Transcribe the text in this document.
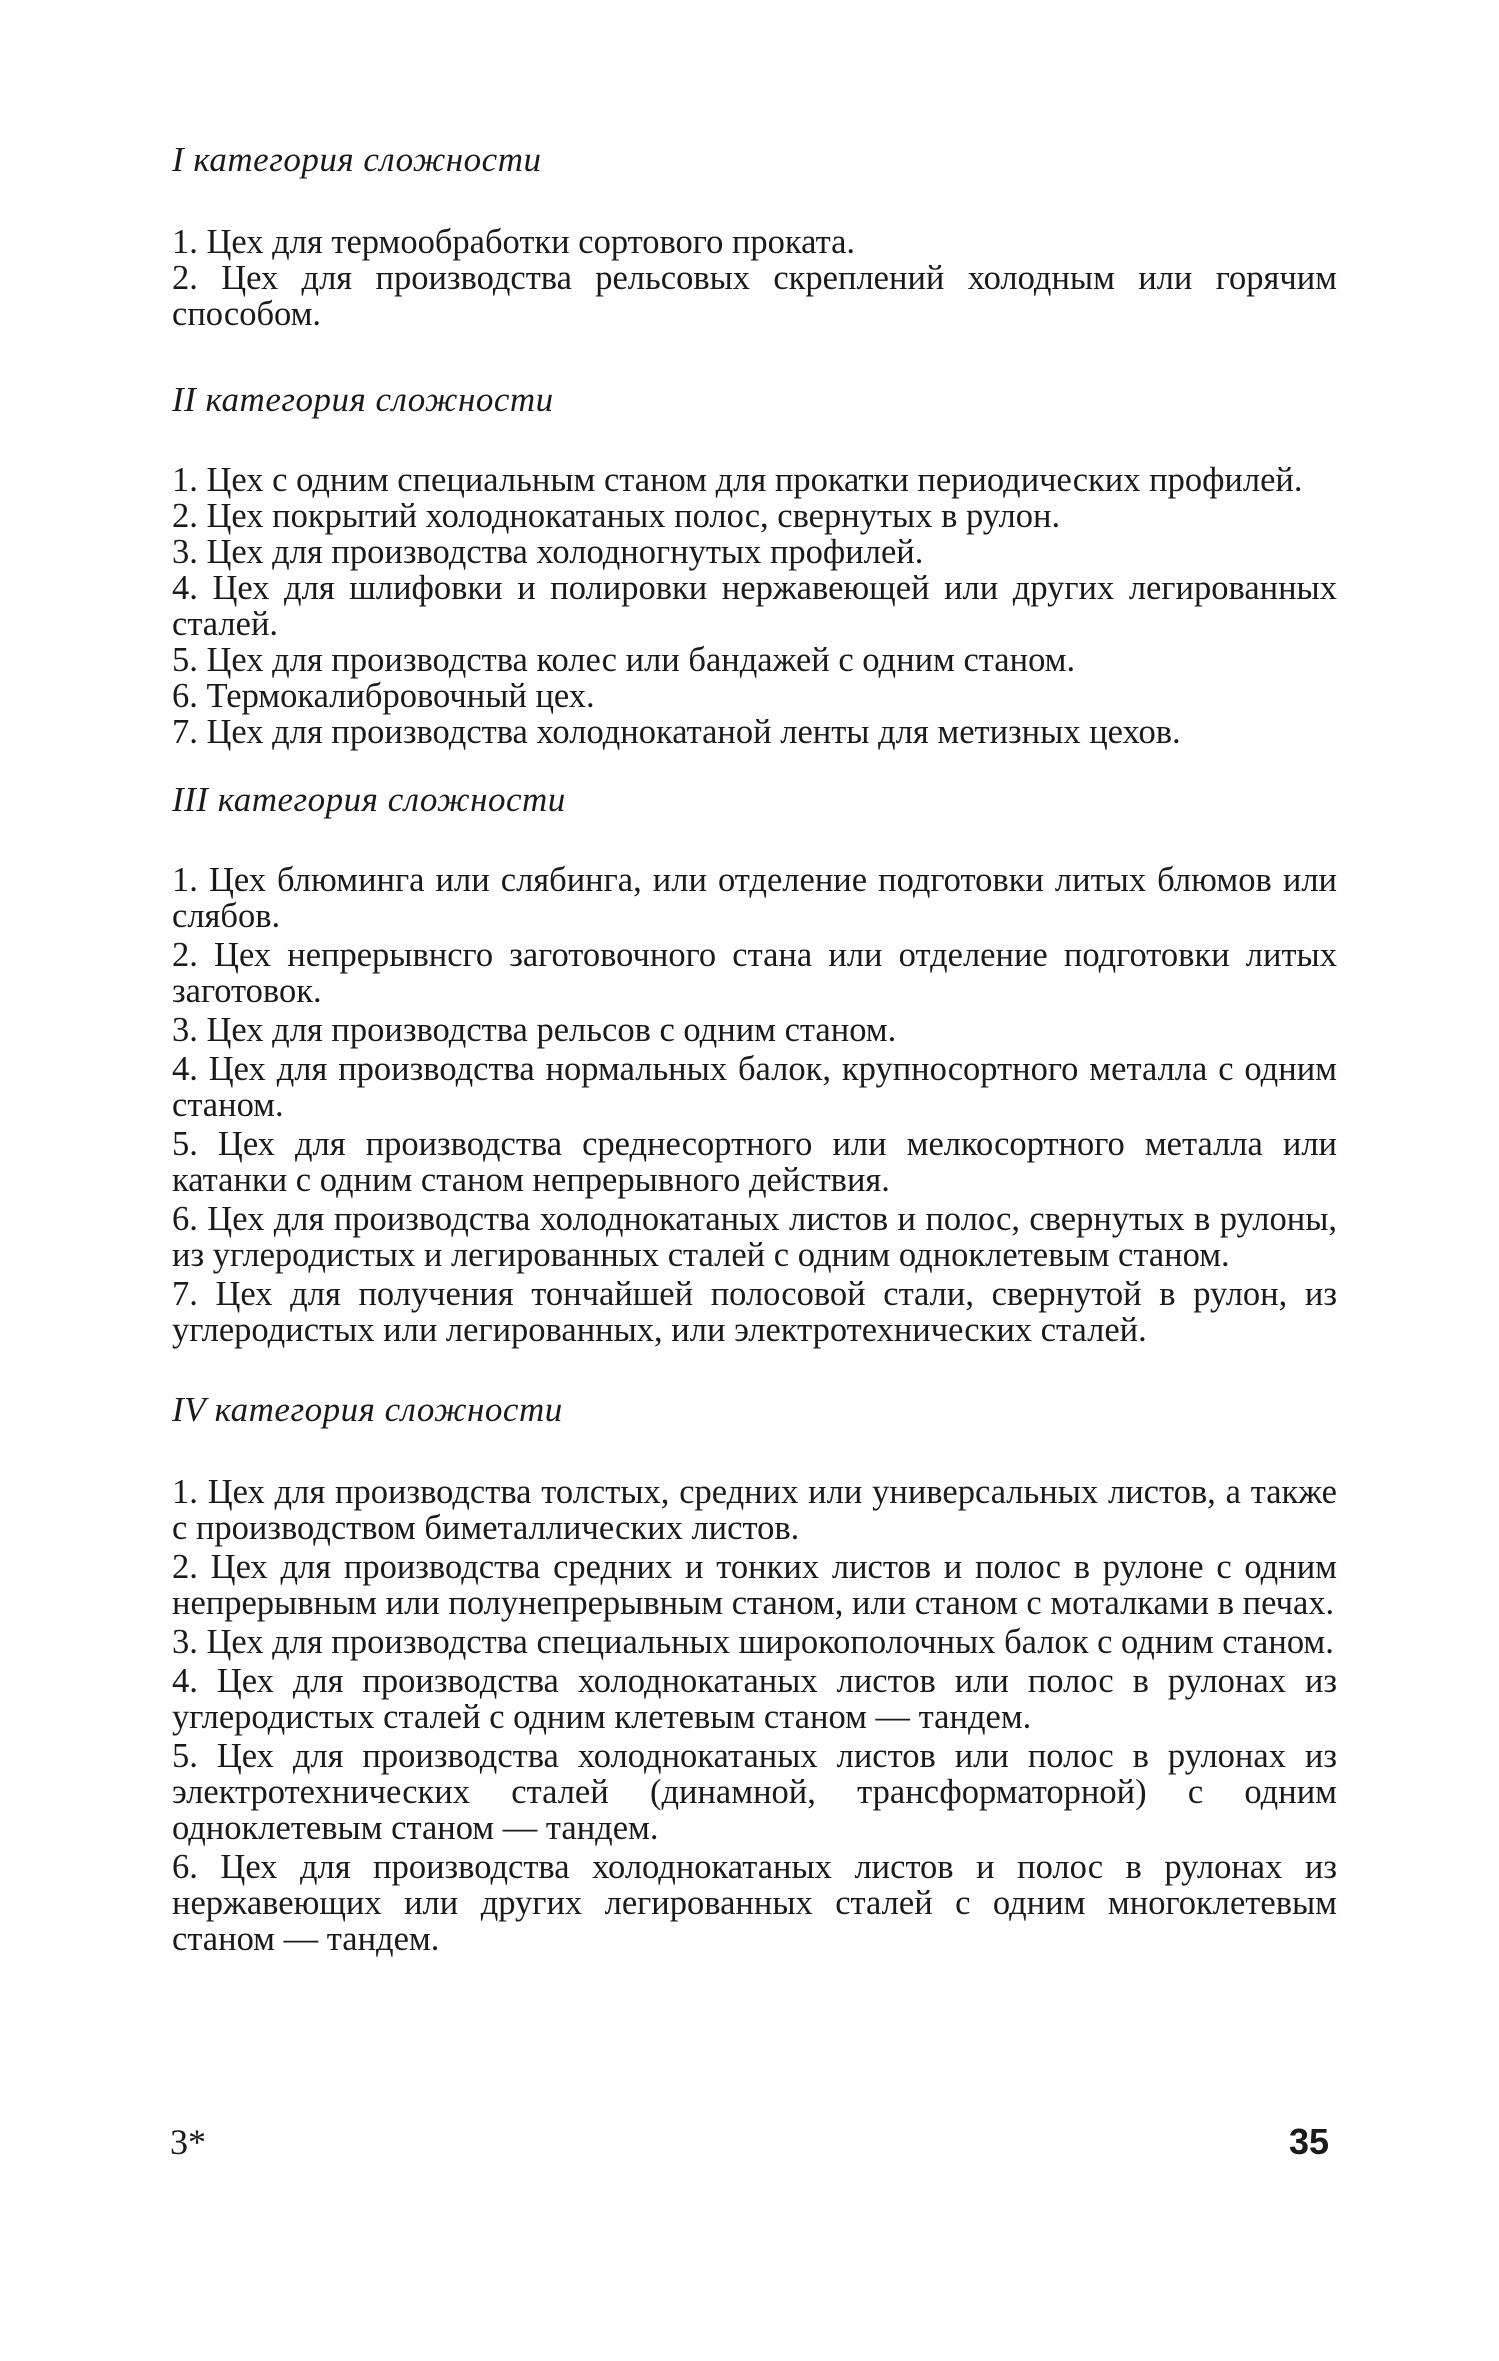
I категория сложности

1. Цех для термообработки сортового проката.
2. Цех для производства рельсовых скреплений холодным или горячим способом.

II категория сложности

1. Цех с одним специальным станом для прокатки периодических профилей.
2. Цех покрытий холоднокатаных полос, свернутых в рулон.
3. Цех для производства холодногнутых профилей.
4. Цех для шлифовки и полировки нержавеющей или других легированных сталей.
5. Цех для производства колес или бандажей с одним станом.
6. Термокалибровочный цех.
7. Цех для производства холоднокатаной ленты для метизных цехов.

III категория сложности

1. Цех блюминга или слябинга, или отделение подготовки литых блюмов или слябов.
2. Цех непрерывнсго заготовочного стана или отделение подготовки литых заготовок.
3. Цех для производства рельсов с одним станом.
4. Цех для производства нормальных балок, крупносортного металла с одним станом.
5. Цех для производства среднесортного или мелкосортного металла или катанки с одним станом непрерывного действия.
6. Цех для производства холоднокатаных листов и полос, свернутых в рулоны, из углеродистых и легированных сталей с одним одноклетевым станом.
7. Цех для получения тончайшей полосовой стали, свернутой в рулон, из углеродистых или легированных, или электротехнических сталей.

IV категория сложности

1. Цех для производства толстых, средних или универсальных листов, а также с производством биметаллических листов.
2. Цех для производства средних и тонких листов и полос в рулоне с одним непрерывным или полунепрерывным станом, или станом с моталками в печах.
3. Цех для производства специальных широкополочных балок с одним станом.
4. Цех для производства холоднокатаных листов или полос в рулонах из углеродистых сталей с одним клетевым станом — тандем.
5. Цех для производства холоднокатаных листов или полос в рулонах из электротехнических сталей (динамной, трансформаторной) с одним одноклетевым станом — тандем.
6. Цех для производства холоднокатаных листов и полос в рулонах из нержавеющих или других легированных сталей с одним многоклетевым станом — тандем.
3*	35
